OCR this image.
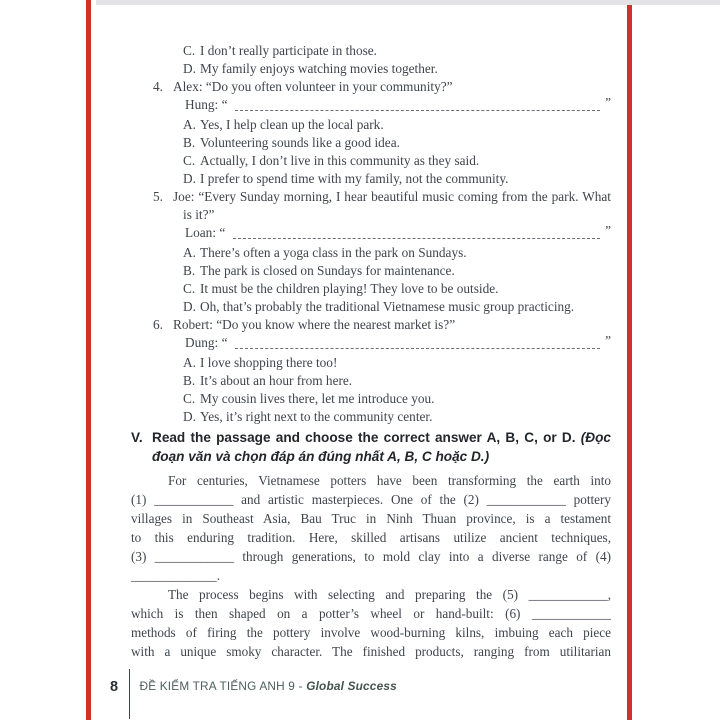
C. I don’t really participate in those.
D. My family enjoys watching movies together.
4. Alex: “Do you often volunteer in your community?”
Hung: “	”
A. Yes, I help clean up the local park.
B. Volunteering sounds like a good idea.
C. Actually, I don’t live in this community as they said.
D. I prefer to spend time with my family, not the community.
5. Joe: “Every Sunday morning, I hear beautiful music coming from the park. What is it?”
Loan: “	”
A. There’s often a yoga class in the park on Sundays.
B. The park is closed on Sundays for maintenance.
C. It must be the children playing! They love to be outside.
D. Oh, that’s probably the traditional Vietnamese music group practicing.
6. Robert: “Do you know where the nearest market is?”
Dung: “	”
A. I love shopping there too!
B. It’s about an hour from here.
C. My cousin lives there, let me introduce you.
D. Yes, it’s right next to the community center.
V. Read the passage and choose the correct answer A, B, C, or D. (Đọc đoạn văn và chọn đáp án đúng nhất A, B, C hoặc D.)
For centuries, Vietnamese potters have been transforming the earth into
(1) ____________ and artistic masterpieces. One of the (2) ____________ pottery
villages in Southeast Asia, Bau Truc in Ninh Thuan province, is a testament
to this enduring tradition. Here, skilled artisans utilize ancient techniques,
(3) ____________ through generations, to mold clay into a diverse range of (4)
_____________.
The process begins with selecting and preparing the (5) ____________,
which is then shaped on a potter’s wheel or hand-built: (6) ____________
methods of firing the pottery involve wood-burning kilns, imbuing each piece
with a unique smoky character. The finished products, ranging from utilitarian
8 ĐỀ KIỂM TRA TIẾNG ANH 9 - Global Success
